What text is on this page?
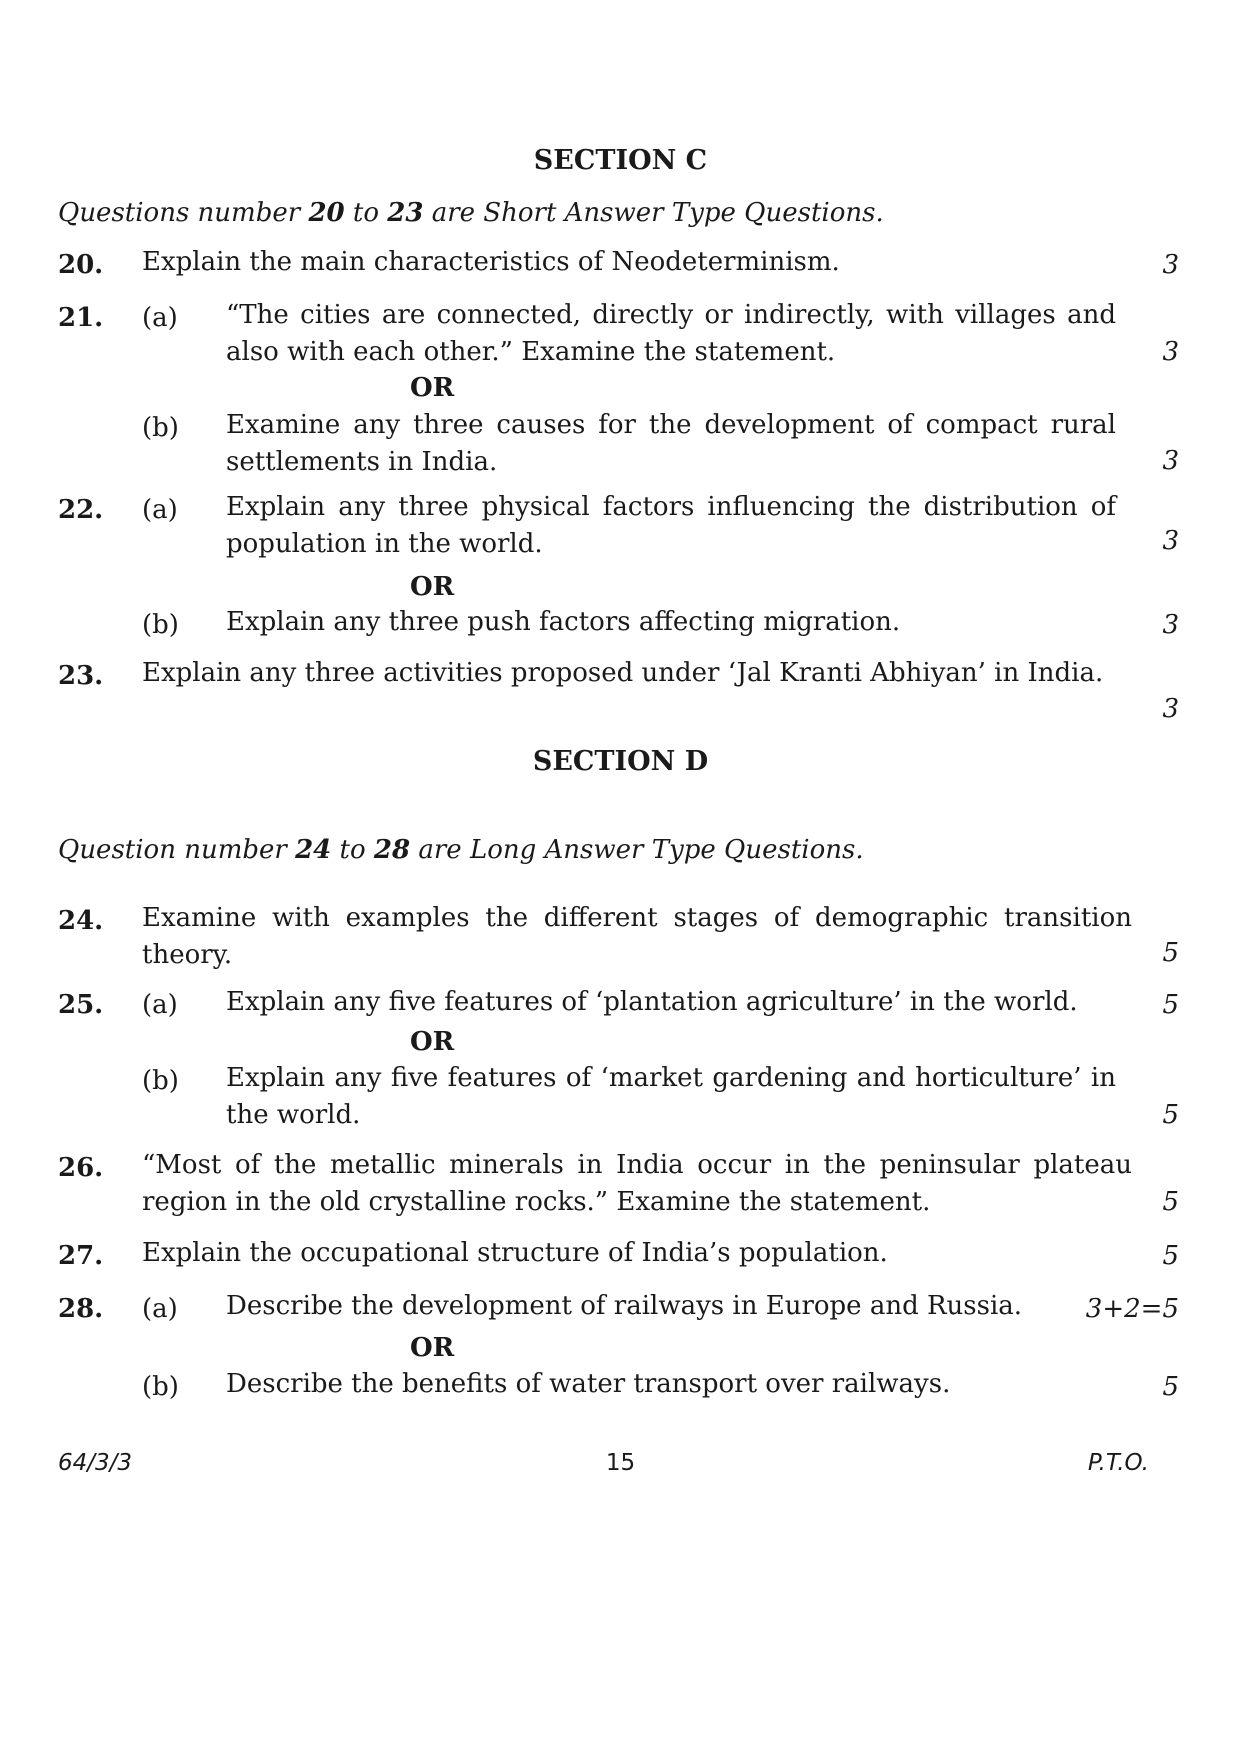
SECTION C
Questions number 20 to 23 are Short Answer Type Questions.
20. Explain the main characteristics of Neodeterminism.	3
21. (a) “The cities are connected, directly or indirectly, with villages and also with each other.” Examine the statement.	3
OR
(b) Examine any three causes for the development of compact rural settlements in India.	3
22. (a) Explain any three physical factors influencing the distribution of population in the world.	3
OR
(b) Explain any three push factors affecting migration.	3
23. Explain any three activities proposed under ‘Jal Kranti Abhiyan’ in India.
3
SECTION D
Question number 24 to 28 are Long Answer Type Questions.
24. Examine with examples the different stages of demographic transition theory.	5
25. (a) Explain any five features of ‘plantation agriculture’ in the world.	5
OR
(b) Explain any five features of ‘market gardening and horticulture’ in the world.	5
26. “Most of the metallic minerals in India occur in the peninsular plateau region in the old crystalline rocks.” Examine the statement.	5
27. Explain the occupational structure of India’s population.	5
28. (a) Describe the development of railways in Europe and Russia. 3+2=5
OR
(b) Describe the benefits of water transport over railways.	5
64/3/3	15	P.T.O.
